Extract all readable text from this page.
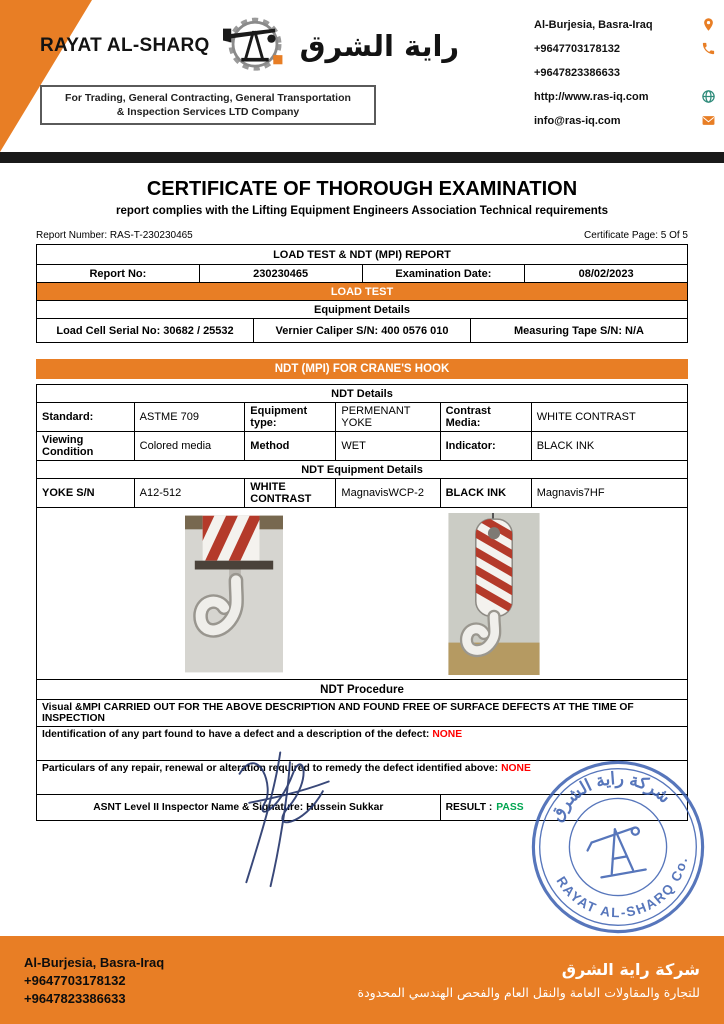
RAYAT AL-SHARQ	راية الشرق
For Trading, General Contracting, General Transportation
& Inspection Services LTD Company
Al-Burjesia, Basra-Iraq
+9647703178132
+9647823386633
http://www.ras-iq.com
info@ras-iq.com
CERTIFICATE OF THOROUGH EXAMINATION
report complies with the Lifting Equipment Engineers Association Technical requirements
Report Number: RAS-T-230230465	Certificate Page: 5 Of 5
LOAD TEST & NDT (MPI) REPORT					
Report No:	230230465		Examination Date:		08/02/2023
LOAD TEST					
Equipment Details					
Load Cell Serial No: 30682 / 25532		Vernier Caliper S/N: 400 0576 010		Measuring Tape S/N: N/A	
NDT (MPI) FOR CRANE'S HOOK
NDT Details					
Standard:	ASTME 709	Equipment type:	PERMENANT YOKE	Contrast Media:	WHITE CONTRAST
Viewing Condition	Colored media	Method	WET	Indicator:	BLACK INK
NDT Equipment Details					
YOKE S/N	A12-512	WHITE CONTRAST	MagnavisWCP-2	BLACK INK	Magnavis7HF

NDT Procedure					
Visual &MPI CARRIED OUT FOR THE ABOVE DESCRIPTION AND FOUND FREE OF SURFACE DEFECTS AT THE TIME OF INSPECTION					
Identification of any part found to have a defect and a description of the defect: NONE					
Particulars of any repair, renewal or alteration required to remedy the defect identified above: NONE					
ASNT Level II Inspector Name & Signature: Hussein Sukkar				RESULT : PASS		شركة راية الشرق
RAYAT AL-SHARQ Co.
Al-Burjesia, Basra-Iraq
+9647703178132
+9647823386633
شركة راية الشرق
للتجارة والمقاولات العامة والنقل العام والفحص الهندسي المحدودة
